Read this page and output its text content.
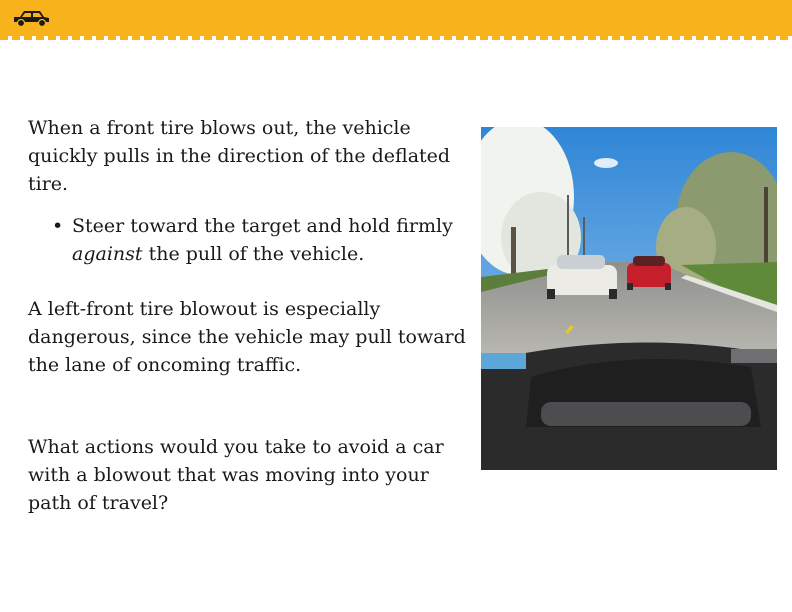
When a front tire blows out, the vehicle quickly pulls in the direction of the deflated tire.

• Steer toward the target and hold firmly against the pull of the vehicle.

A left-front tire blowout is especially dangerous, since the vehicle may pull toward the lane of oncoming traffic.

What actions would you take to avoid a car with a blowout that was moving into your path of travel?
